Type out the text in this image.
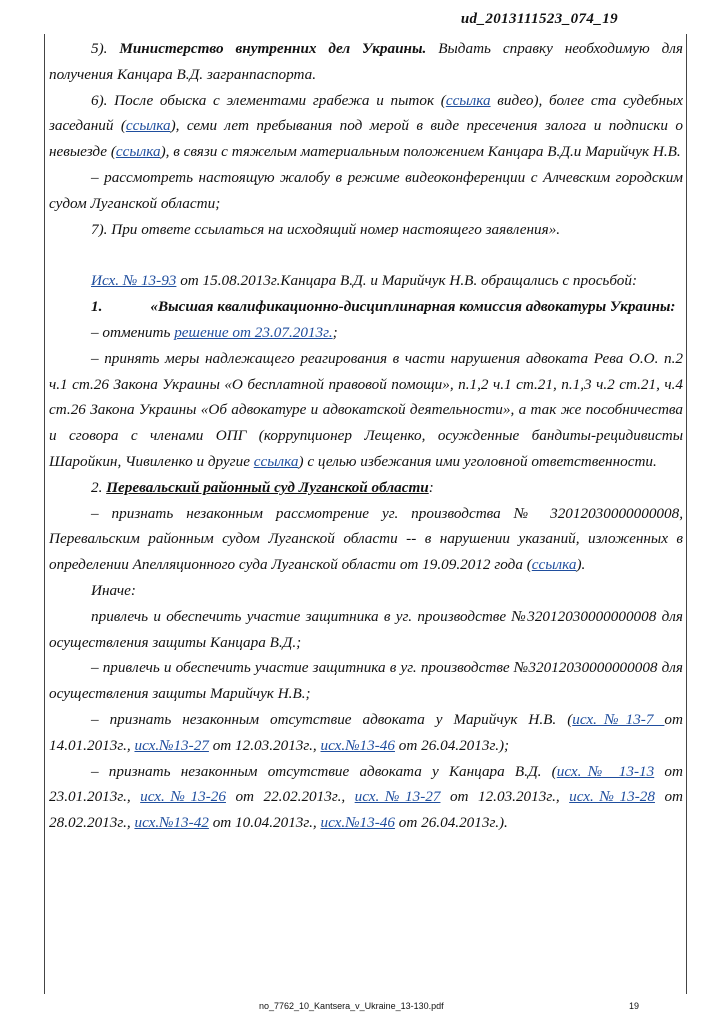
ud_2013111523_074_19

5). Министерство внутренних дел Украины. Выдать справку необходимую для получения Канцара В.Д. загранпаспорта.

6). После обыска с элементами грабежа и пыток (ссылка видео), более ста судебных заседаний (ссылка), семи лет пребывания под мерой в виде пресечения залога и подписки о невыезде (ссылка), в связи с тяжелым материальным положением Канцара В.Д.и Марийчук Н.В.

– рассмотреть настоящую жалобу в режиме видеоконференции с Алчевским городским судом Луганской области;

7). При ответе ссылаться на исходящий номер настоящего заявления».

Исх. № 13-93 от 15.08.2013г.Канцара В.Д. и Марийчук Н.В. обращались с просьбой:

1.	«Высшая квалификационно-дисциплинарная комиссия адвокатуры Украины:

– отменить решение от 23.07.2013г.;

– принять меры надлежащего реагирования в части нарушения адвоката Рева О.О. п.2 ч.1 ст.26 Закона Украины «О бесплатной правовой помощи», п.1,2 ч.1 ст.21, п.1,3 ч.2 ст.21, ч.4 ст.26 Закона Украины «Об адвокатуре и адвокатской деятельности», а так же пособничества и сговора с членами ОПГ (коррупционер Лещенко, осужденные бандиты-рецидивисты Шаройкин, Чивиленко и другие ссылка) с целью избежания ими уголовной ответственности.

2. Перевальский районный суд Луганской области:

– признать незаконным рассмотрение уг. производства № 32012030000000008, Перевальским районным судом Луганской области -- в нарушении указаний, изложенных в определении Апелляционного суда Луганской области от 19.09.2012 года (ссылка).

Иначе:

привлечь и обеспечить участие защитника в уг. производстве №32012030000000008 для осуществления защиты Канцара В.Д.;

– привлечь и обеспечить участие защитника в уг. производстве №32012030000000008 для осуществления защиты Марийчук Н.В.;

– признать незаконным отсутствие адвоката у Марийчук Н.В. (исх.№13-7 от 14.01.2013г., исх.№13-27 от 12.03.2013г., исх.№13-46 от 26.04.2013г.);

– признать незаконным отсутствие адвоката у Канцара В.Д. (исх.№ 13-13 от 23.01.2013г., исх.№13-26 от 22.02.2013г., исх.№13-27 от 12.03.2013г., исх.№13-28 от 28.02.2013г., исх.№13-42 от 10.04.2013г., исх.№13-46 от 26.04.2013г.).

no_7762_10_Kantsera_v_Ukraine_13-130.pdf	19
